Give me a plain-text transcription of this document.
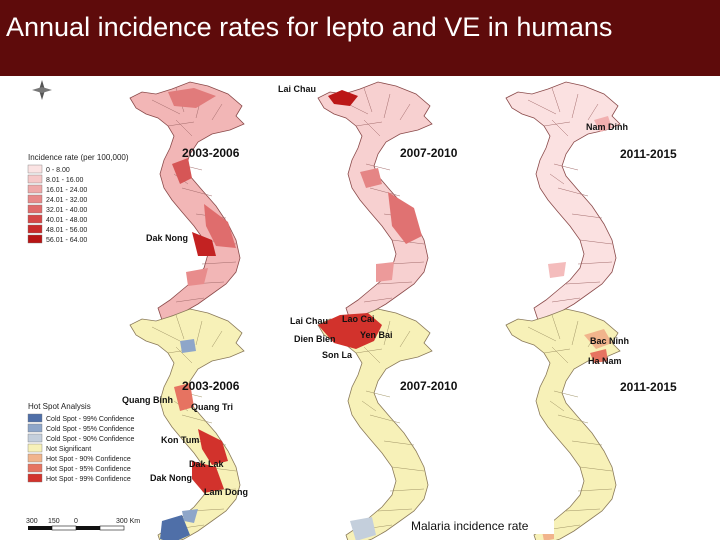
Annual incidence rates for lepto and VE in humans
Incidence rate (per 100,000)
0 - 8.00
8.01 - 16.00
16.01 - 24.00
24.01 - 32.00
32.01 - 40.00
40.01 - 48.00
48.01 - 56.00
56.01 - 64.00
2003-2006	2007-2010	2011-2015
Lai Chau
Nam Dinh
Dak Nong
Hot Spot Analysis
Cold Spot - 99% Confidence
Cold Spot - 95% Confidence
Cold Spot - 90% Confidence
Not Significant
Hot Spot - 90% Confidence
Hot Spot - 95% Confidence
Hot Spot - 99% Confidence
2003-2006	2007-2010	2011-2015
Quang Binh
Quang Tri
Kon Tum
Dak Lak
Dak Nong
Lam Dong
Lai Chau Lao Cai
Yen Bai
Dien Bien
Son La
Bac Ninh
Ha Nam
300 150 0	300 Km	Malaria incidence rate
